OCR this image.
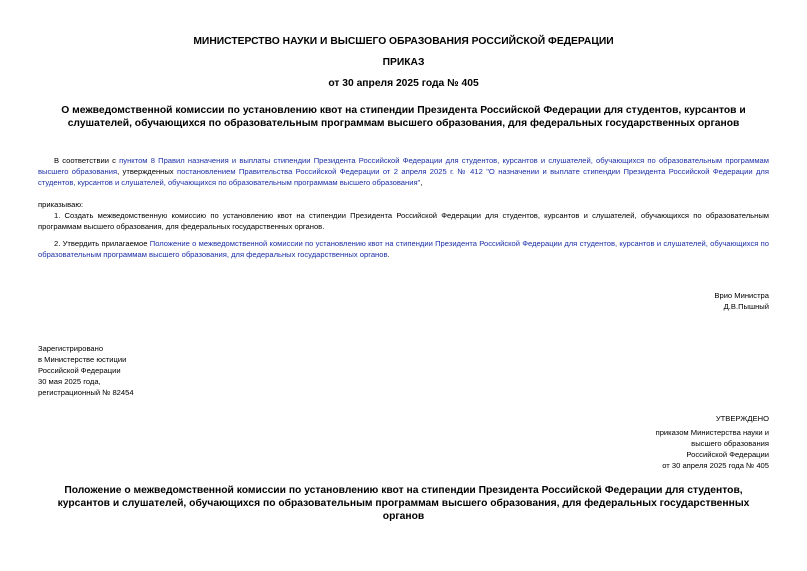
МИНИСТЕРСТВО НАУКИ И ВЫСШЕГО ОБРАЗОВАНИЯ РОССИЙСКОЙ ФЕДЕРАЦИИ
ПРИКАЗ
от 30 апреля 2025 года № 405
О межведомственной комиссии по установлению квот на стипендии Президента Российской Федерации для студентов, курсантов и слушателей, обучающихся по образовательным программам высшего образования, для федеральных государственных органов
В соответствии с пунктом 8 Правил назначения и выплаты стипендии Президента Российской Федерации для студентов, курсантов и слушателей, обучающихся по образовательным программам высшего образования, утвержденных постановлением Правительства Российской Федерации от 2 апреля 2025 г. № 412 "О назначении и выплате стипендии Президента Российской Федерации для студентов, курсантов и слушателей, обучающихся по образовательным программам высшего образования",
приказываю:
1. Создать межведомственную комиссию по установлению квот на стипендии Президента Российской Федерации для студентов, курсантов и слушателей, обучающихся по образовательным программам высшего образования, для федеральных государственных органов.
2. Утвердить прилагаемое Положение о межведомственной комиссии по установлению квот на стипендии Президента Российской Федерации для студентов, курсантов и слушателей, обучающихся по образовательным программам высшего образования, для федеральных государственных органов.
Врио Министра
Д.В.Пышный
Зарегистрировано
в Министерстве юстиции
Российской Федерации
30 мая 2025 года,
регистрационный № 82454
УТВЕРЖДЕНО
приказом Министерства науки и
высшего образования
Российской Федерации
от 30 апреля 2025 года № 405
Положение о межведомственной комиссии по установлению квот на стипендии Президента Российской Федерации для студентов, курсантов и слушателей, обучающихся по образовательным программам высшего образования, для федеральных государственных органов
